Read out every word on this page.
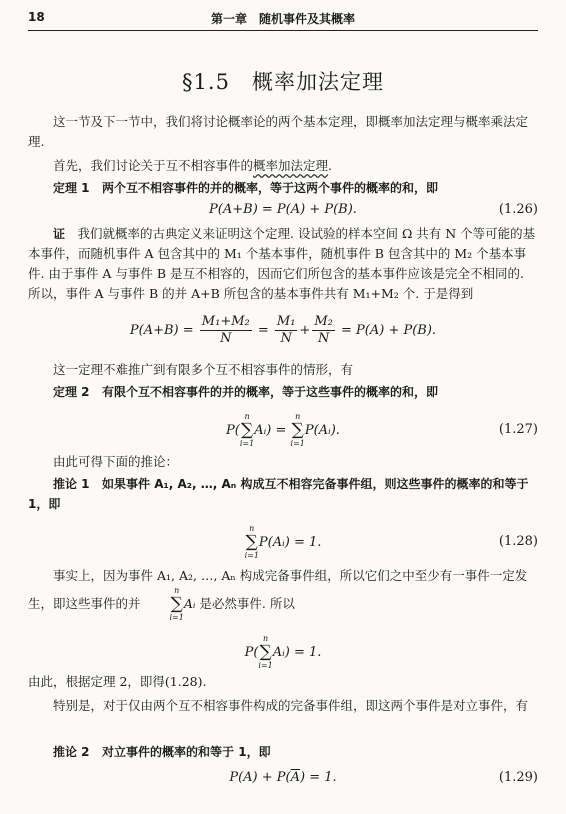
18	第一章　随机事件及其概率
§1.5　概率加法定理
这一节及下一节中，我们将讨论概率论的两个基本定理，即概率加法定理与概率乘法定理.
首先，我们讨论关于互不相容事件的概率加法定理.
定理 1　 两个互不相容事件的并的概率，等于这两个事件的概率的和，即
P(A+B) = P(A) + P(B).	(1.26)
证　 我们就概率的古典定义来证明这个定理. 设试验的样本空间 Ω 共有 N 个等可能的基本事件，而随机事件 A 包含其中的 M₁ 个基本事件，随机事件 B 包含其中的 M₂ 个基本事件. 由于事件 A 与事件 B 是互不相容的，因而它们所包含的基本事件应该是完全不相同的. 所以，事件 A 与事件 B 的并 A+B 所包含的基本事件共有 M₁+M₂ 个. 于是得到
$P(A+B) = \frac{\text{M₁+M₂}}{N} = \frac{\text{M₁}}{N} + \frac{\text{M₂}}{N} = P(A) + P(B)$.
这一定理不难推广到有限多个互不相容事件的情形，有
定理 2　 有限个互不相容事件的并的概率，等于这些事件的概率的和，即
P(
n
∑
i=1
Aᵢ) =
n
∑
i=1
P(Aᵢ).	(1.27)
由此可得下面的推论：
推论 1　 如果事件 A₁, A₂, …, Aₙ 构成互不相容完备事件组，则这些事件的概率的和等于 1，即
n
∑
i=1
P(Aᵢ) = 1.	(1.28)
事实上，因为事件 A₁, A₂, …, Aₙ 构成完备事件组，所以它们之中至少有一事件一定发生，即这些事件的并
n
∑
i=1
Aᵢ 是必然事件. 所以
P(
n
∑
i=1
Aᵢ) = 1.
由此，根据定理 2，即得(1.28).
特别是，对于仅由两个互不相容事件构成的完备事件组，即这两个事件是对立事件，有
推论 2　 对立事件的概率的和等于 1，即
$P(A) + P(\overline{A}) = 1$.	(1.29)
